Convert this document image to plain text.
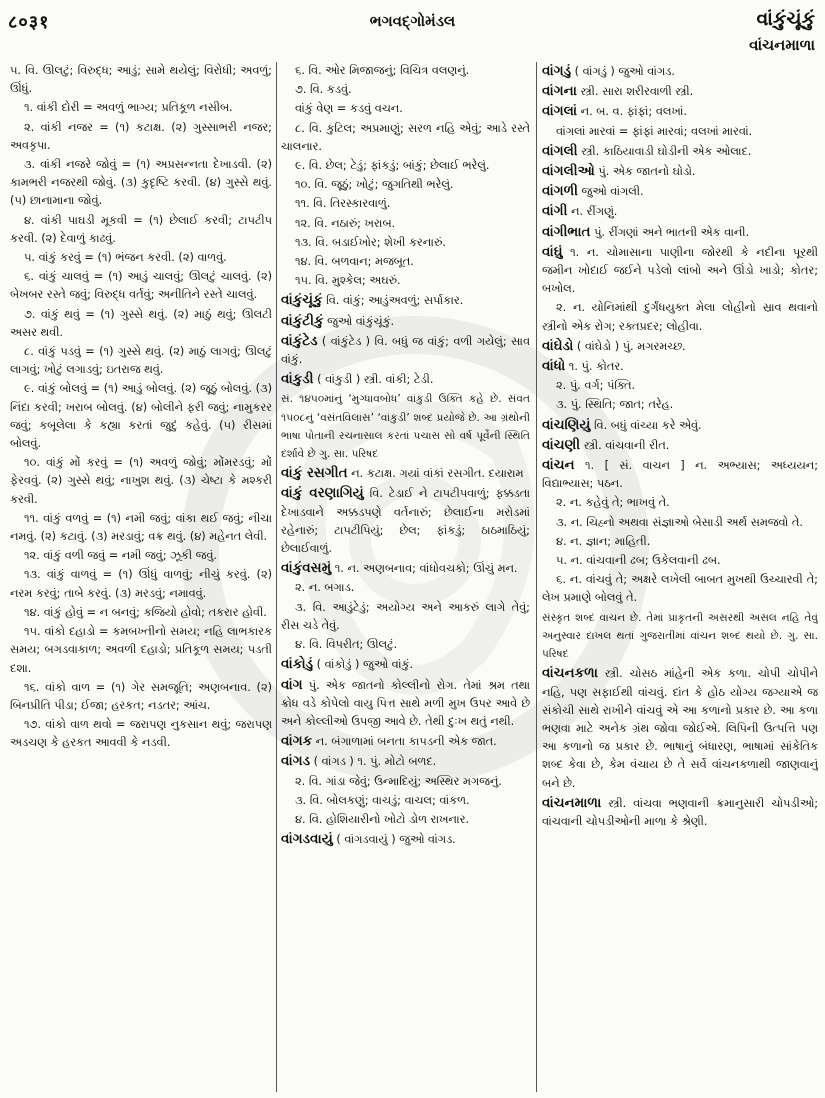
८०३१	ભગવદ્ગોમંડલ	વાંકુંચૂંકું
વાંચનમાળા

૫. વિ. ઊલટું; વિરુદ્ધ; આડું; સામે થયેલું; વિરોધી; અવળું; ઊંધું.

૧. વાંકી દોરી = અવળું ભાગ્ય; પ્રતિકૂળ નસીબ.

૨. વાંકી નજર = (૧) કટાક્ષ. (૨) ગુસ્સાભરી નજર; અવકૃપા.

૩. વાંકી નજરે જોવું = (૧) અપ્રસન્નતા દેખાડવી. (૨) કામભરી નજરથી જોવું. (૩) કુદૃષ્ટિ કરવી. (૪) ગુસ્સે થવું. (૫) છાનામાના જોવું.

૪. વાંકી પાઘડી મૂકવી = (૧) છેલાઈ કરવી; ટાપટીપ કરવી. (૨) દેવાળું કાઢવું.

૫. વાંકું કરવું = (૧) ભંજન કરવી. (૨) વાળવું.

૬. વાંકું ચાલવું = (૧) આડું ચાલવું; ઊલટું ચાલવું. (૨) બેખબર રસ્તે જવું; વિરુદ્ધ વર્તવું; અનીતિને રસ્તે ચાલવું.

૭. વાંકું થવું = (૧) ગુસ્સે થવું. (૨) માઠું થવું; ઊલટી અસર થવી.

૮. વાંકું પડવું = (૧) ગુસ્સે થવું. (૨) માઠું લાગવું; ઊલટું લાગવું; ખોટું લગાડવું; ઇતરાજ થવું.

૯. વાંકું બોલવું = (૧) આડું બોલવું. (૨) જૂઠું બોલવું. (૩) નિંદા કરવી; ખરાબ બોલવું. (૪) બોલીને ફરી જવું; નામુકરર જવું; કબૂલેલા કે કહ્યા કરતાં જુદું કહેવું. (૫) રીસમાં બોલવું.

૧૦. વાંકું મોં કરવું = (૧) અવળું જોવું; મોંમરડવું; મોં ફેરવવું. (૨) ગુસ્સે થવું; નાખુશ થવું. (૩) ચેષ્ટા કે મશ્કરી કરવી.

૧૧. વાંકું વળવું = (૧) નમી જવું; વાંકા થઈ જવું; નીચા નમવું. (૨) કટાવું. (૩) મરડાવું; વક્ર થવું. (૪) મહેનત લેવી.

૧૨. વાંકું વળી જવું = નમી જવું; ઝૂકી જવું.

૧૩. વાંકું વાળવું = (૧) ઊંધું વાળવું; નીચું કરવું. (૨) નરમ કરવું; તાબે કરવું. (૩) મરડવું; નમાવવું.

૧૪. વાંકું હોવું = ન બનવું; કજિયો હોવો; તકરાર હોવી.

૧૫. વાંકો દહાડો = કમબખ્તીનો સમય; નહિ લાભકારક સમય; બગડવાકાળ; અવળી દહાડો; પ્રતિકૂળ સમય; પડતી દશા.

૧૬. વાંકો વાળ = (૧) ગેર સમજૂતિ; અણબનાવ. (૨) બિનપ્રીતિ પીડા; ઈજા; હરકત; નડતર; આંચ.

૧૭. વાંકો વાળ થવો = જરાપણ નુકસાન થવું; જરાપણ અડચણ કે હરકત આવવી કે નડવી.

૬. વિ. ઓર મિજાજનું; વિચિત્ર વલણનું.

૭. વિ. કડવું.

વાંકું વેણ = કડવું વચન.

૮. વિ. કુટિલ; અપ્રમાણું; સરળ નહિ એવું; આડે રસ્તે ચાલનાર.

૯. વિ. છેલ; ટેડું; ફાંકડું; બાંકું; છેલાઈ ભરેલું.

૧૦. વિ. જૂઠું; ખોટું; જુગતિથી ભરેલું.

૧૧. વિ. તિરસ્કારવાળું.

૧૨. વિ. નઠારું; ખરાબ.

૧૩. વિ. બડાઈખોર; શેખી કરનારું.

૧૪. વિ. બળવાન; મજબૂત.

૧૫. વિ. મુશ્કેલ; અઘરું.

વાંકુંચૂંકું વિ. વાંકું; આડુંઅવળું; સર્પાકાર.

વાંકુંટીકું જુઓ વાંકુંચૂંકું.

વાંકુંટેડ ( વાંકુંટેડ ) વિ. બધું જ વાંકું; વળી ગયેલું; સાવ વાંકું.

વાંકુડી ( વાંકુડી ) સ્ત્રી. વાંકી; ટેડી.

સં. ૧૪૫૦માંનું ‘મુગ્ધાવબોધ’ વાંકુડી ઉક્તિ કહે છે. સંવત ૧૫૦૮નું ‘વસંતવિલાસ’ ‘વાંકુડી’ શબ્દ પ્રયોજે છે. આ ગ્રંથોની ભાષા પોતાની રચનાસાલ કરતાં પચાસ સો વર્ષ પૂર્વેની સ્થિતિ દર્શાવે છે ગુ. સા. પરિષદ

વાંકું રસગીત ન. કટાક્ષ. ગયાં વાંકાં રસગીત. દયારામ

વાંકું વરણાગિયું વિ. ટેડાઈ ને ટાપટીપવાળું; ફક્કડતા દેખાડવાને અક્કડપણે વર્તનારું; છેલાઈના મરોડમાં રહેનારું; ટાપટીપિયું; છેલ; ફાંકડું; ઠાઠમાઠિયું; છેલાઈવાળું.

વાંકુંવસમું ૧. ન. અણબનાવ; વાંધોવચકો; ઊંચું મન.

૨. ન. બગાડ.

૩. વિ. આડુંટેડું; અયોગ્ય અને આકરું લાગે તેવું; રીસ ચડે તેવું.

૪. વિ. વિપરીત; ઊલટું.

વાંકોડું ( વાંકોડું ) જુઓ વાંકું.

વાંગ પું. એક જાતનો કોલ્લીનો રોગ. તેમાં શ્રમ તથા ક્રોધ વડે કોપેલો વાયુ પિત્ત સાથે મળી મુખ ઉપર આવે છે અને કોલ્લીઓ ઉપજી આવે છે. તેથી દુઃખ થતું નથી.

વાંગક ન. બંગાળામાં બનતા કાપડની એક જાત.

વાંગડ ( વાંગડ ) ૧. પું. મોટો બળદ.

૨. વિ. ગાંડા જેવું; ઉન્માદિયું; અસ્થિર મગજનું.

૩. વિ. બોલકણું; વાચડું; વાચલ; વાંકળ.

૪. વિ. હોશિયારીનો ખોટો ડોળ રાખનાર.

વાંગડવાયું ( વાંગડવાયું ) જુઓ વાંગડ.

વાંગડું ( વાંગડું ) જુઓ વાંગડ.

વાંગના સ્ત્રી. સારા શરીરવાળી સ્ત્રી.

વાંગલાં ન. બ. વ. ફાંફાં; વલખાં.

વાંગલાં મારવાં = ફાંફાં મારવાં; વલખાં મારવાં.

વાંગલી સ્ત્રી. કાઠિયાવાડી ઘોડીની એક ઓલાદ.

વાંગલીઓ પું. એક જાતનો ઘોડો.

વાંગળી જુઓ વાંગલી.

વાંગી ન. રીંગણું.

વાંગીભાત પું. રીંગણાં અને ભાતની એક વાની.

વાંઘું ૧. ન. ચોમાસાના પાણીના જોરથી કે નદીના પૂરથી જમીન ખોદાઈ જઈને પડેલો લાંબો અને ઊંડો ખાડો; કોતર; બખોલ.

૨. ન. યોનિમાંથી દુર્ગંધયુક્ત મેલા લોહીનો સ્રાવ થવાનો સ્ત્રીનો એક રોગ; રક્તપ્રદર; લોહીવા.

વાંઘેડો ( વાંઘેડો ) પું. મગરમચ્છ.

વાંધો ૧. પું. કોતર.

૨. પું. વર્ગ; પંક્તિ.

૩. પું. સ્થિતિ; જાત; તરેહ.

વાંચણિયું વિ. બધું વાંચ્યા કરે એવું.

વાંચણી સ્ત્રી. વાંચવાની રીત.

વાંચન ૧. [ સં. વાચન ] ન. અભ્યાસ; અધ્યયન; વિદ્યાભ્યાસ; પઠન.

૨. ન. કહેવું તે; ભાખવું તે.

૩. ન. ચિહ્નો અથવા સંજ્ઞાઓ બેસાડી અર્થ સમજવો તે.

૪. ન. જ્ઞાન; માહિતી.

૫. ન. વાંચવાની ઢબ; ઉકેલવાની ઢબ.

૬. ન. વાંચવું તે; અક્ષરે લખેલી બાબત મુખથી ઉચ્ચારવી તે; લેખ પ્રમાણે બોલવું તે.

સંસ્કૃત શબ્દ વાચન છે. તેમાં પ્રાકૃતની અસરથી અસલ નહિ તેવું અનુસ્વાર દાખલ થતાં ગુજરાતીમાં વાંચન શબ્દ થયો છે. ગુ. સા. પરિષદ

વાંચનકળા સ્ત્રી. ચોસઠ માંહેની એક કળા. ચોપી ચોપીને નહિ, પણ સફાઈથી વાંચવું. દાંત કે હોઠ યોગ્ય જગ્યાએ જ સંકોચી સાથે રાખીને વાંચવું એ આ કળાનો પ્રકાર છે. આ કળા ભણવા માટે અનેક ગ્રંથ જોવા જોઈએ. લિપિની ઉત્પત્તિ પણ આ કળાનો જ પ્રકાર છે. ભાષાનું બંધારણ, ભાષામાં સાંકેતિક શબ્દ કેવા છે, કેમ વંચાય છે તે સર્વે વાંચનકળાથી જાણવાનું બને છે.

વાંચનમાળા સ્ત્રી. વાંચવા ભણવાની ક્રમાનુસારી ચોપડીઓ; વાંચવાની ચોપડીઓની માળા કે શ્રેણી.
